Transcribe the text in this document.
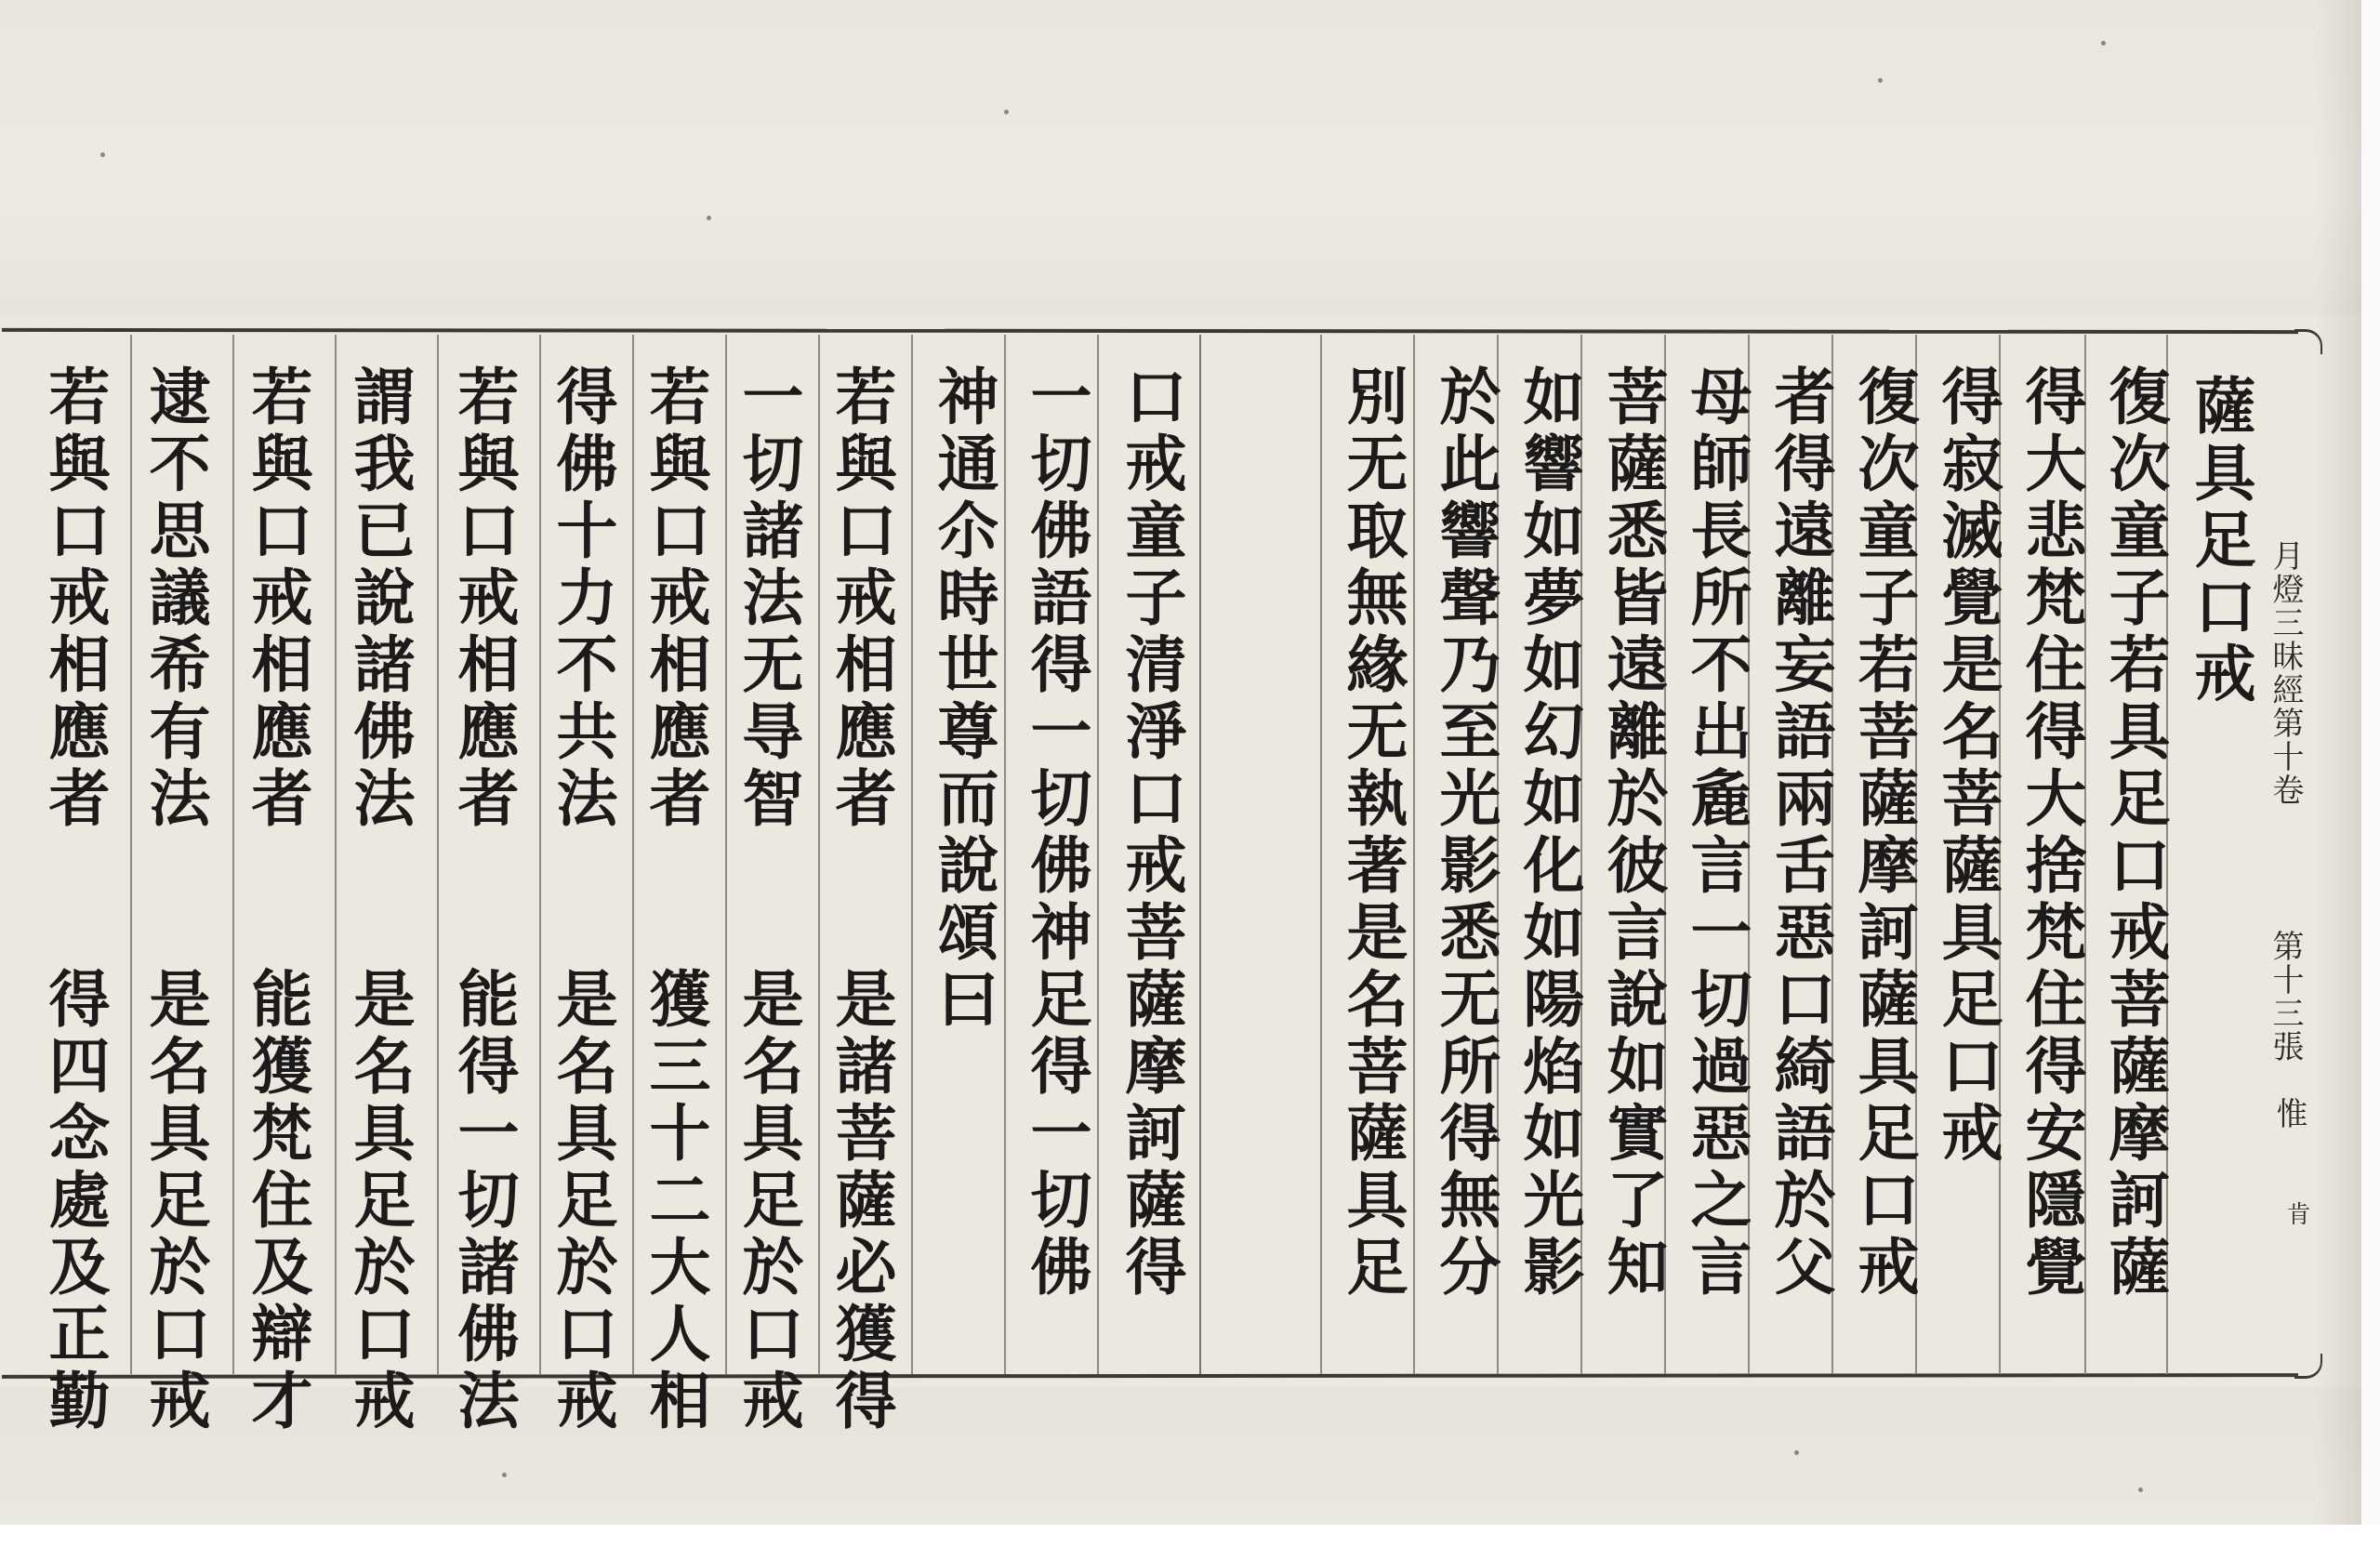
月燈三昧經第十卷
第十三張
惟
肯
薩具足口戒
復次童子若具足口戒菩薩摩訶薩
得大悲梵住得大捨梵住得安隱覺
得寂滅覺是名菩薩具足口戒
復次童子若菩薩摩訶薩具足口戒
者得遠離妄語兩舌惡口綺語於父
母師長所不出麁言一切過惡之言
菩薩悉皆遠離於彼言說如實了知
如響如夢如幻如化如陽焰如光影
於此響聲乃至光影悉无所得無分
別无取無緣无執著是名菩薩具足
口戒童子清淨口戒菩薩摩訶薩得
一切佛語得一切佛神足得一切佛
神通尒時世尊而說頌曰
若與口戒相應者　　是諸菩薩必獲得
一切諸法无㝵智　　是名具足於口戒
若與口戒相應者　　獲三十二大人相
得佛十力不共法　　是名具足於口戒
若與口戒相應者　　能得一切諸佛法
謂我已說諸佛法　　是名具足於口戒
若與口戒相應者　　能獲梵住及辯才
逮不思議希有法　　是名具足於口戒
若與口戒相應者　　得四念處及正勤
